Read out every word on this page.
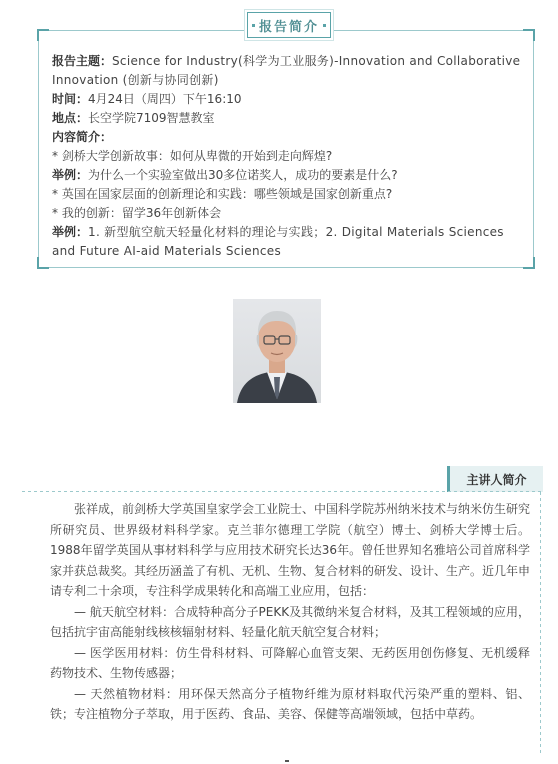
报告简介

报告主题：Science for Industry(科学为工业服务)-Innovation and Collaborative Innovation (创新与协同创新)

时间：4月24日（周四）下午16:10

地点：长空学院7109智慧教室

内容简介：

* 剑桥大学创新故事：如何从卑微的开始到走向辉煌?

举例：为什么一个实验室做出30多位诺奖人，成功的要素是什么?

* 英国在国家层面的创新理论和实践：哪些领域是国家创新重点?

* 我的创新：留学36年创新体会

举例：1. 新型航空航天轻量化材料的理论与实践；2. Digital Materials Sciences and Future AI-aid Materials Sciences

主讲人简介

张祥成，前剑桥大学英国皇家学会工业院士、中国科学院苏州纳米技术与纳米仿生研究所研究员、世界级材料科学家。克兰菲尔德理工学院（航空）博士、剑桥大学博士后。1988年留学英国从事材料科学与应用技术研究长达36年。曾任世界知名雅培公司首席科学家并获总裁奖。其经历涵盖了有机、无机、生物、复合材料的研发、设计、生产。近几年申请专利二十余项，专注科学成果转化和高端工业应用，包括：

— 航天航空材料：合成特种高分子PEKK及其微纳米复合材料，及其工程领域的应用，包括抗宇宙高能射线核核辐射材料、轻量化航天航空复合材料；

— 医学医用材料：仿生骨科材料、可降解心血管支架、无药医用创伤修复、无机缓释药物技术、生物传感器；

— 天然植物材料：用环保天然高分子植物纤维为原材料取代污染严重的塑料、铝、铁；专注植物分子萃取，用于医药、食品、美容、保健等高端领域，包括中草药。
